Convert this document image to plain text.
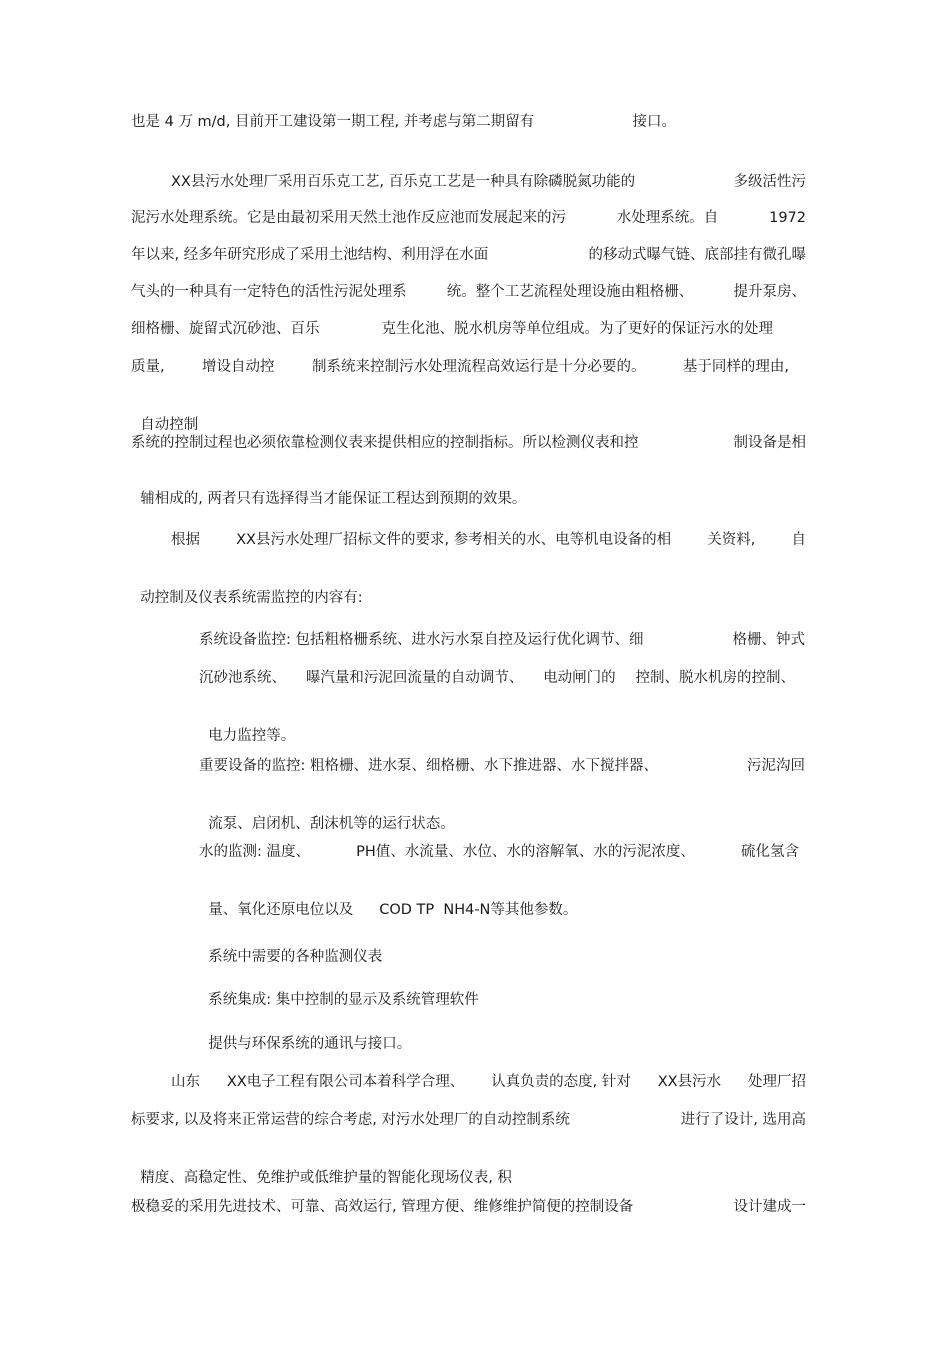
也是 4 万 m/d, 目前开工建设第一期工程, 并考虑与第二期留有	接口。
XX县污水处理厂采用百乐克工艺, 百乐克工艺是一种具有除磷脱氮功能的	多级活性污
泥污水处理系统。它是由最初采用天然土池作反应池而发展起来的污	水处理系统。自	1972
年以来, 经多年研究形成了采用土池结构、利用浮在水面	的移动式曝气链、底部挂有微孔曝
气头的一种具有一定特色的活性污泥处理系	统。整个工艺流程处理设施由粗格栅、	提升泵房、
细格栅、旋留式沉砂池、百乐	克生化池、脱水机房等单位组成。为了更好的保证污水的处理
质量,	增设自动控	制系统来控制污水处理流程高效运行是十分必要的。	基于同样的理由,

自动控制

系统的控制过程也必须依靠检测仪表来提供相应的控制指标。所以检测仪表和控	制设备是相

辅相成的, 两者只有选择得当才能保证工程达到预期的效果。

根据 XX县污水处理厂招标文件的要求, 参考相关的水、电等机电设备的相 关资料, 自

动控制及仪表系统需监控的内容有:

系统设备监控: 包括粗格栅系统、进水污水泵自控及运行优化调节、细	格栅、钟式
沉砂池系统、 曝汽量和污泥回流量的自动调节、 电动闸门的 控制、脱水机房的控制、

电力监控等。

重要设备的监控: 粗格栅、进水泵、细格栅、水下推进器、水下搅拌器、	污泥沟回

流泵、启闭机、刮沫机等的运行状态。

水的监测: 温度、	PH值、水流量、水位、水的溶解氧、水的污泥浓度、	硫化氢含

量、氧化还原电位以及 COD TP  NH4-N等其他参数。

系统中需要的各种监测仪表

系统集成: 集中控制的显示及系统管理软件

提供与环保系统的通讯与接口。

山东 XX电子工程有限公司本着科学合理、 认真负责的态度, 针对 XX县污水 处理厂招
标要求, 以及将来正常运营的综合考虑, 对污水处理厂的自动控制系统	进行了设计, 选用高

精度、高稳定性、免维护或低维护量的智能化现场仪表, 积

极稳妥的采用先进技术、可靠、高效运行, 管理方便、维修维护简便的控制设备	设计建成一
